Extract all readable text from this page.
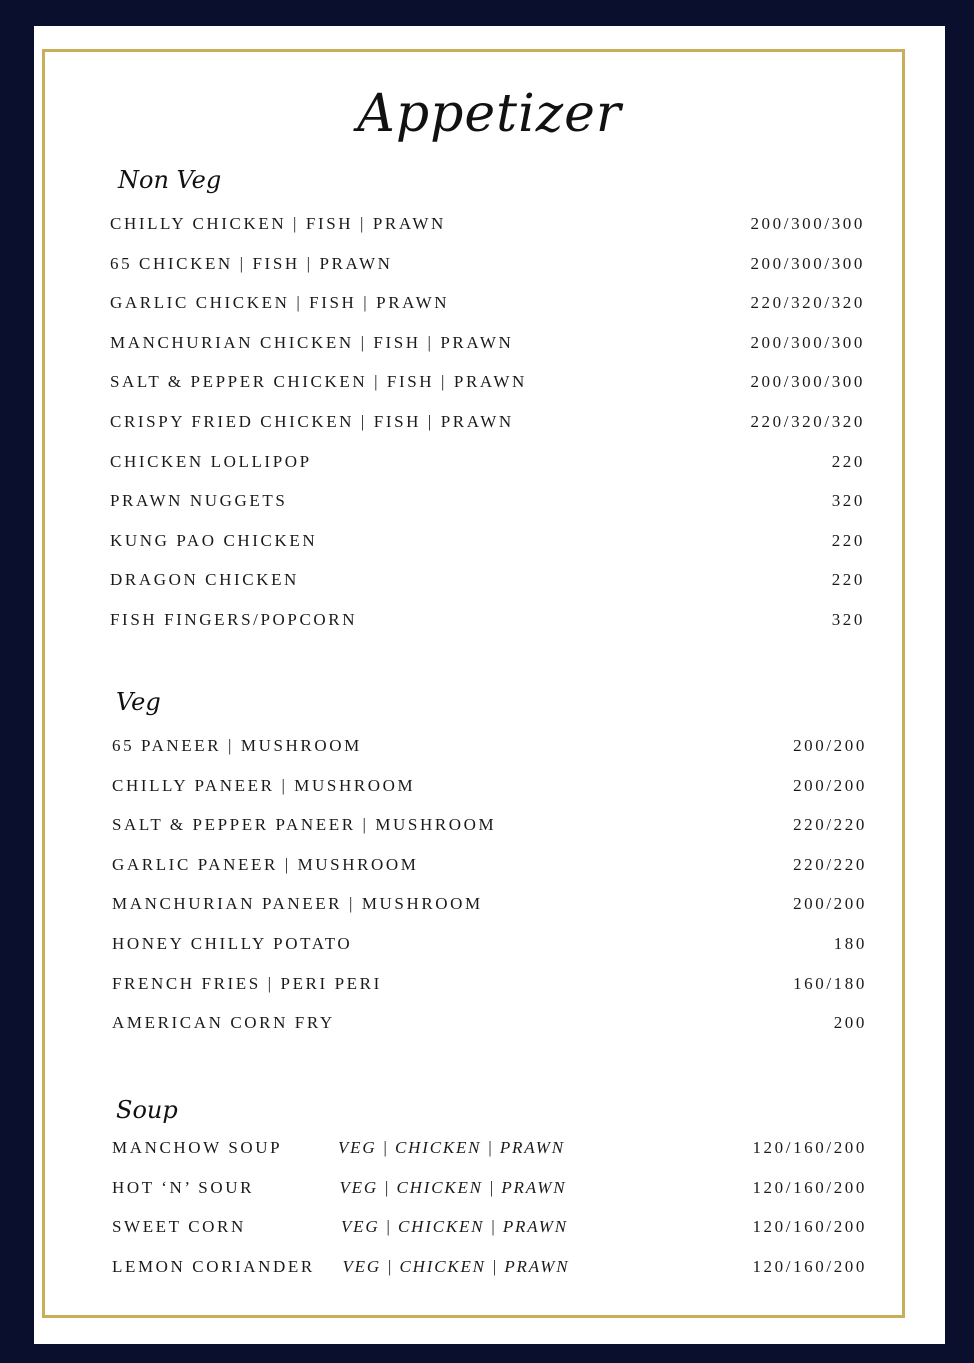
Appetizer
Non Veg
CHILLY CHICKEN | FISH | PRAWN	200/300/300
65 CHICKEN | FISH | PRAWN	200/300/300
GARLIC CHICKEN | FISH | PRAWN	220/320/320
MANCHURIAN CHICKEN | FISH | PRAWN	200/300/300
SALT & PEPPER CHICKEN | FISH | PRAWN	200/300/300
CRISPY FRIED CHICKEN | FISH | PRAWN	220/320/320
CHICKEN LOLLIPOP	220
PRAWN NUGGETS	320
KUNG PAO CHICKEN	220
DRAGON CHICKEN	220
FISH FINGERS/POPCORN	320
Veg
65 PANEER | MUSHROOM	200/200
CHILLY PANEER | MUSHROOM	200/200
SALT & PEPPER PANEER | MUSHROOM	220/220
GARLIC PANEER | MUSHROOM	220/220
MANCHURIAN PANEER | MUSHROOM	200/200
HONEY CHILLY POTATO	180
FRENCH FRIES | PERI PERI	160/180
AMERICAN CORN FRY	200
Soup
MANCHOW SOUP	VEG | CHICKEN | PRAWN	120/160/200
HOT ‘N’ SOUR	VEG | CHICKEN | PRAWN	120/160/200
SWEET CORN	VEG | CHICKEN | PRAWN	120/160/200
LEMON CORIANDER VEG | CHICKEN | PRAWN	120/160/200
